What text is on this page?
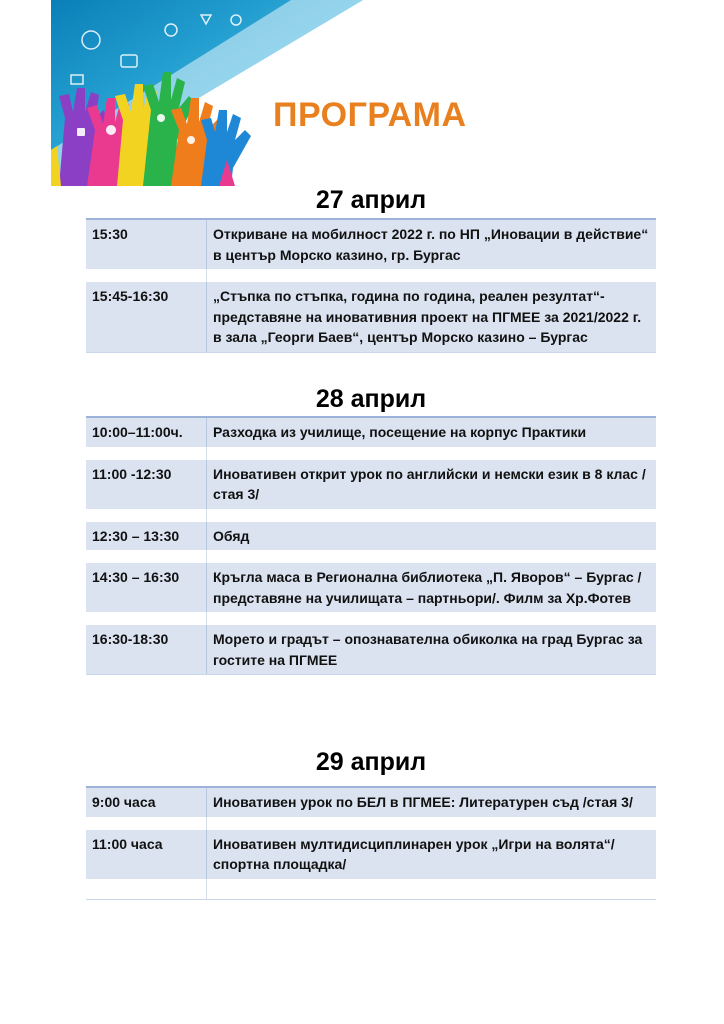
ПРОГРАМА
27 април
15:30	Откриване на мобилност 2022 г. по НП „Иновации в действие“ в център Морско казино, гр. Бургас

15:45-16:30	„Стъпка по стъпка, година по година, реален резултат“- представяне на иновативния проект на ПГМЕЕ за 2021/2022 г. в зала „Георги Баев“, център Морско казино – Бургас
28 април
10:00–11:00ч.	Разходка из училище, посещение на корпус Практики

11:00 -12:30	Иновативен открит урок по английски и немски език в 8 клас / стая 3/

12:30 – 13:30	Обяд

14:30 – 16:30	Кръгла маса в Регионална библиотека „П. Яворов“ – Бургас /представяне на училищата – партньори/. Филм за Хр.Фотев

16:30-18:30	Морето и градът – опознавателна обиколка на град Бургас за гостите на ПГМЕЕ
29 април
9:00 часа	Иновативен урок по БЕЛ в ПГМЕЕ: Литературен съд /стая 3/

11:00 часа	Иновативен мултидисциплинарен урок „Игри на волята“/спортна площадка/
